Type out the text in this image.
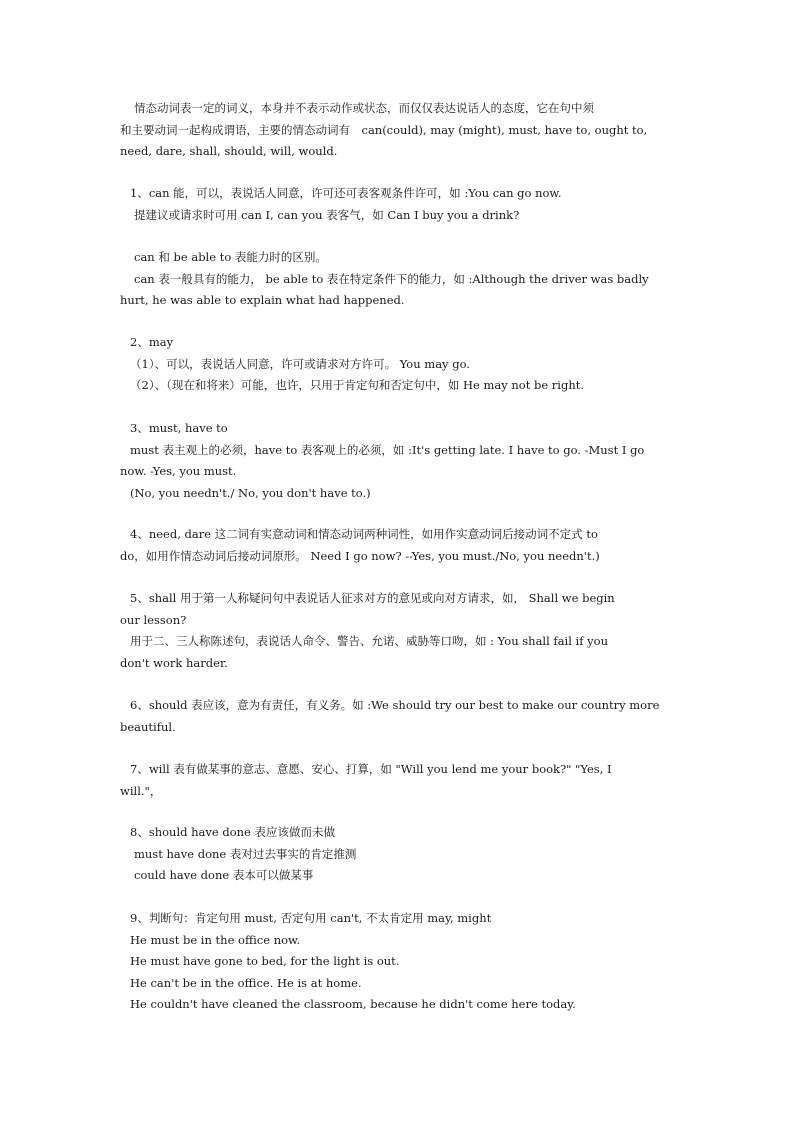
情态动词表一定的词义，本身并不表示动作或状态，而仅仅表达说话人的态度，它在句中须
和主要动词一起构成谓语，主要的情态动词有　can(could), may (might), must, have to, ought to,
need, dare, shall, should, will, would.
1、can 能，可以，表说话人同意，许可还可表客观条件许可，如 :You can go now.
提建议或请求时可用 can I, can you 表客气，如 Can I buy you a drink?
can 和 be able to 表能力时的区别。
can 表一般具有的能力， be able to 表在特定条件下的能力，如 :Although the driver was badly
hurt, he was able to explain what had happened.
2、may
（1）、可以，表说话人同意，许可或请求对方许可。 You may go.
（2）、（现在和将来）可能，也许，只用于肯定句和否定句中，如 He may not be right.
3、must, have to
must 表主观上的必须，have to 表客观上的必须，如 :It's getting late. I have to go. -Must I go
now. -Yes, you must.
(No, you needn't./ No, you don't have to.)
4、need, dare 这二词有实意动词和情态动词两种词性，如用作实意动词后接动词不定式 to
do，如用作情态动词后接动词原形。 Need I go now? --Yes, you must./No, you needn't.)
5、shall 用于第一人称疑问句中表说话人征求对方的意见或向对方请求，如， Shall we begin
our lesson?
用于二、三人称陈述句，表说话人命令、警告、允诺、威胁等口吻，如 : You shall fail if you
don't work harder.
6、should 表应该，意为有责任，有义务。如 :We should try our best to make our country more
beautiful.
7、will 表有做某事的意志、意愿、安心、打算，如 "Will you lend me your book?" "Yes, I
will."，
8、should have done 表应该做而未做
must have done 表对过去事实的肯定推测
could have done 表本可以做某事
9、判断句：肯定句用 must, 否定句用 can't, 不太肯定用 may, might
He must be in the office now.
He must have gone to bed, for the light is out.
He can't be in the office. He is at home.
He couldn't have cleaned the classroom, because he didn't come here today.
